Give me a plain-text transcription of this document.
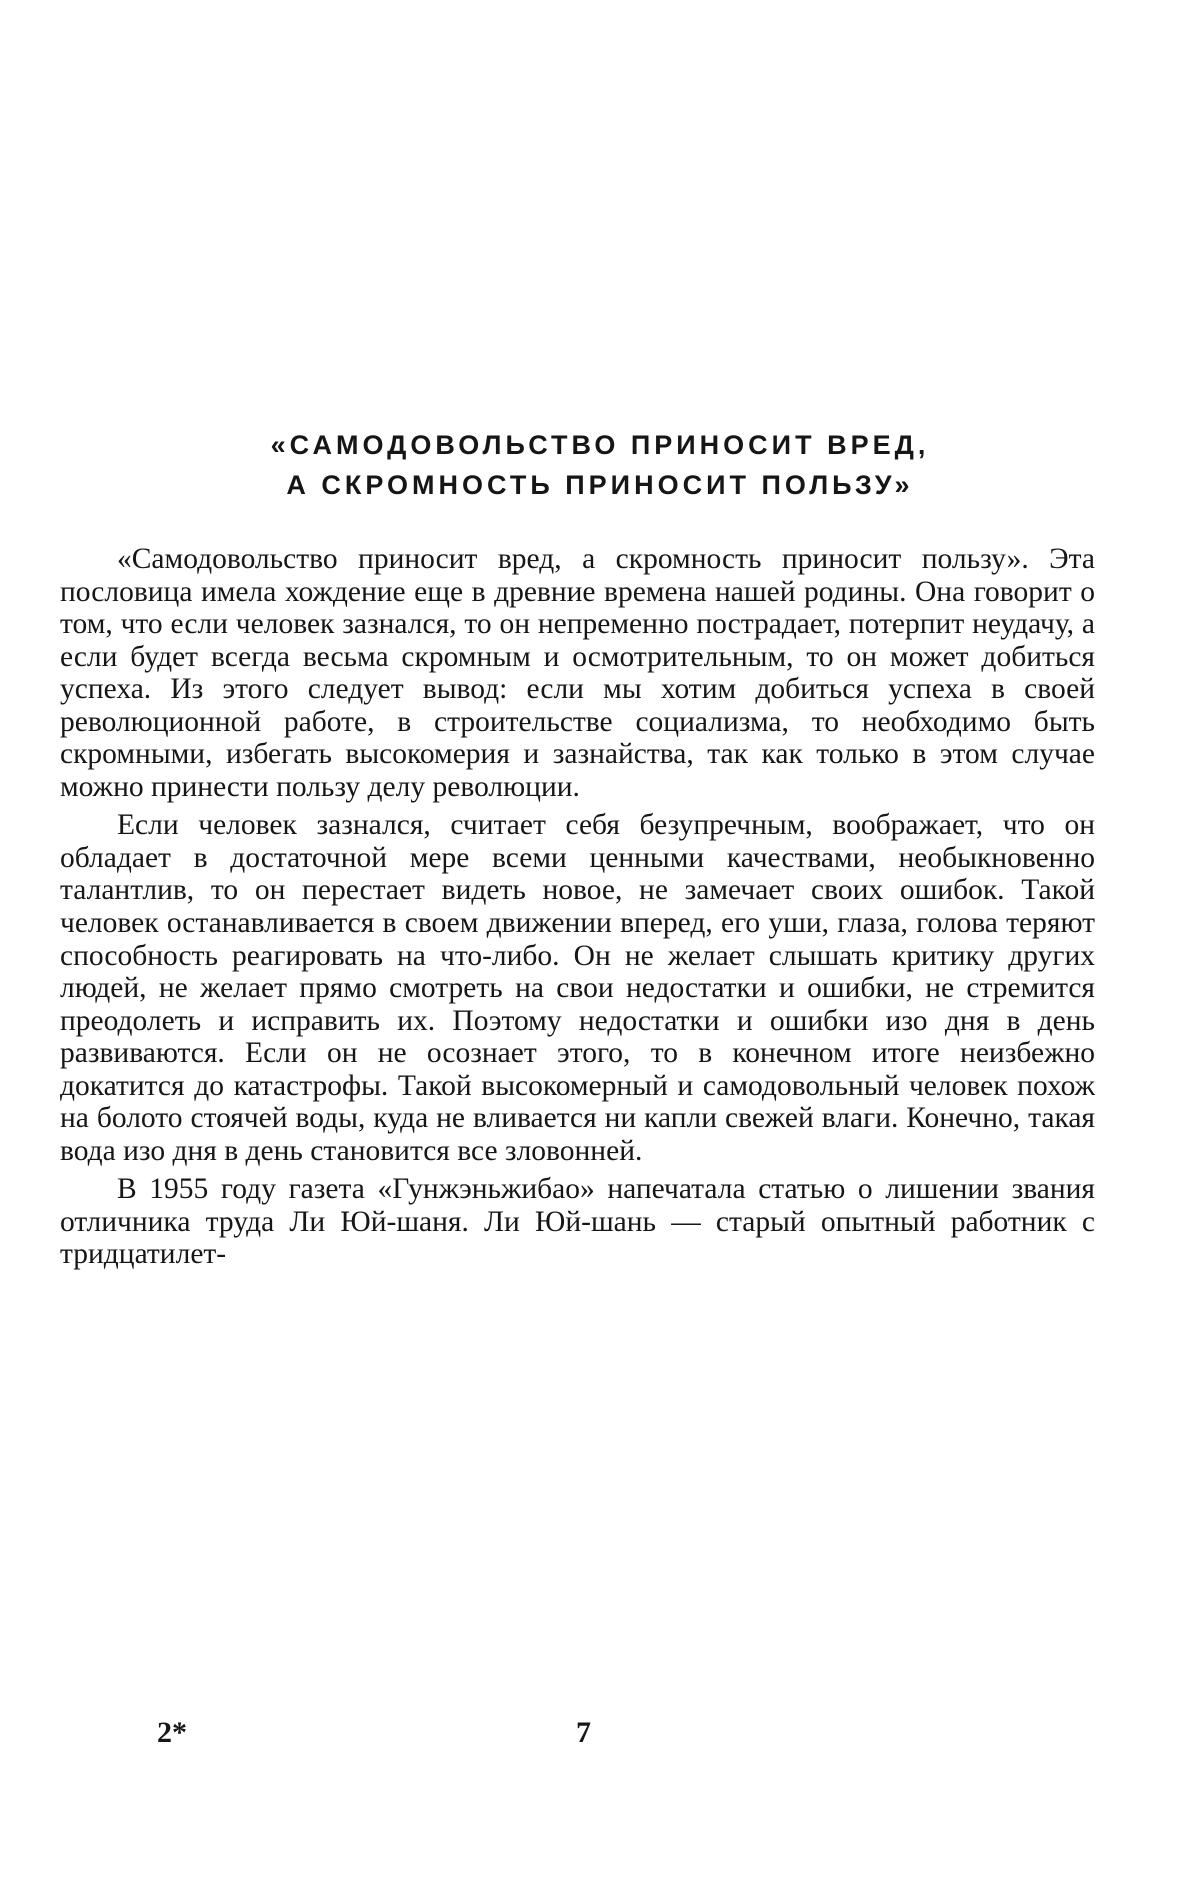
«САМОДОВОЛЬСТВО ПРИНОСИТ ВРЕД,
А СКРОМНОСТЬ ПРИНОСИТ ПОЛЬЗУ»

«Самодовольство приносит вред, а скромность приносит пользу». Эта пословица имела хождение еще в древние времена нашей родины. Она говорит о том, что если человек зазнался, то он непременно пострадает, потерпит неудачу, а если будет всегда весьма скромным и осмотрительным, то он может добиться успеха. Из этого следует вывод: если мы хотим добиться успеха в своей революционной работе, в строительстве социализма, то необходимо быть скромными, избегать высокомерия и зазнайства, так как только в этом случае можно принести пользу делу революции.

Если человек зазнался, считает себя безупречным, воображает, что он обладает в достаточной мере всеми ценными качествами, необыкновенно талантлив, то он перестает видеть новое, не замечает своих ошибок. Такой человек останавливается в своем движении вперед, его уши, глаза, голова теряют способность реагировать на что-либо. Он не желает слышать критику других людей, не желает прямо смотреть на свои недостатки и ошибки, не стремится преодолеть и исправить их. Поэтому недостатки и ошибки изо дня в день развиваются. Если он не осознает этого, то в конечном итоге неизбежно докатится до катастрофы. Такой высокомерный и самодовольный человек похож на болото стоячей воды, куда не вливается ни капли свежей влаги. Конечно, такая вода изо дня в день становится все зловонней.

В 1955 году газета «Гунжэньжибао» напечатала статью о лишении звания отличника труда Ли Юй-шаня. Ли Юй-шань — старый опытный работник с тридцатилет-

2*	7
